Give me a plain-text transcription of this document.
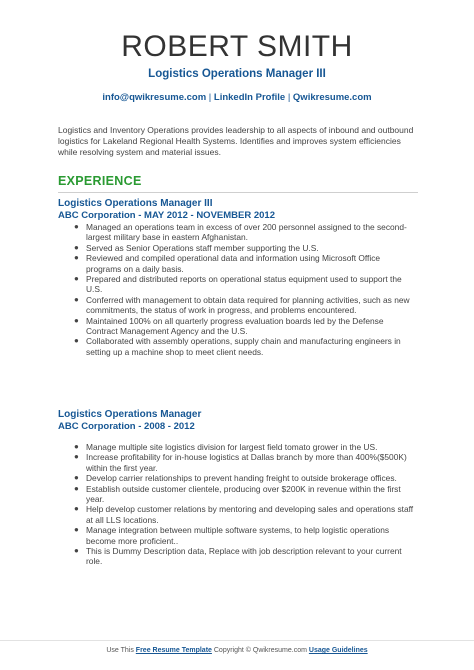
ROBERT SMITH
Logistics Operations Manager III
info@qwikresume.com | LinkedIn Profile | Qwikresume.com
Logistics and Inventory Operations provides leadership to all aspects of inbound and outbound logistics for Lakeland Regional Health Systems. Identifies and improves system efficiencies while resolving system and material issues.
EXPERIENCE
Logistics Operations Manager III
ABC Corporation - MAY 2012 - NOVEMBER 2012
● Managed an operations team in excess of over 200 personnel assigned to the second-largest military base in eastern Afghanistan.
● Served as Senior Operations staff member supporting the U.S.
● Reviewed and compiled operational data and information using Microsoft Office programs on a daily basis.
● Prepared and distributed reports on operational status equipment used to support the U.S.
● Conferred with management to obtain data required for planning activities, such as new commitments, the status of work in progress, and problems encountered.
● Maintained 100% on all quarterly progress evaluation boards led by the Defense Contract Management Agency and the U.S.
● Collaborated with assembly operations, supply chain and manufacturing engineers in setting up a machine shop to meet client needs.
Logistics Operations Manager
ABC Corporation - 2008 - 2012
● Manage multiple site logistics division for largest field tomato grower in the US.
● Increase profitability for in-house logistics at Dallas branch by more than 400%($500K) within the first year.
● Develop carrier relationships to prevent handing freight to outside brokerage offices.
● Establish outside customer clientele, producing over $200K in revenue within the first year.
● Help develop customer relations by mentoring and developing sales and operations staff at all LLS locations.
● Manage integration between multiple software systems, to help logistic operations become more proficient..
● This is Dummy Description data, Replace with job description relevant to your current role.
Use This Free Resume Template Copyright © Qwikresume.com Usage Guidelines
